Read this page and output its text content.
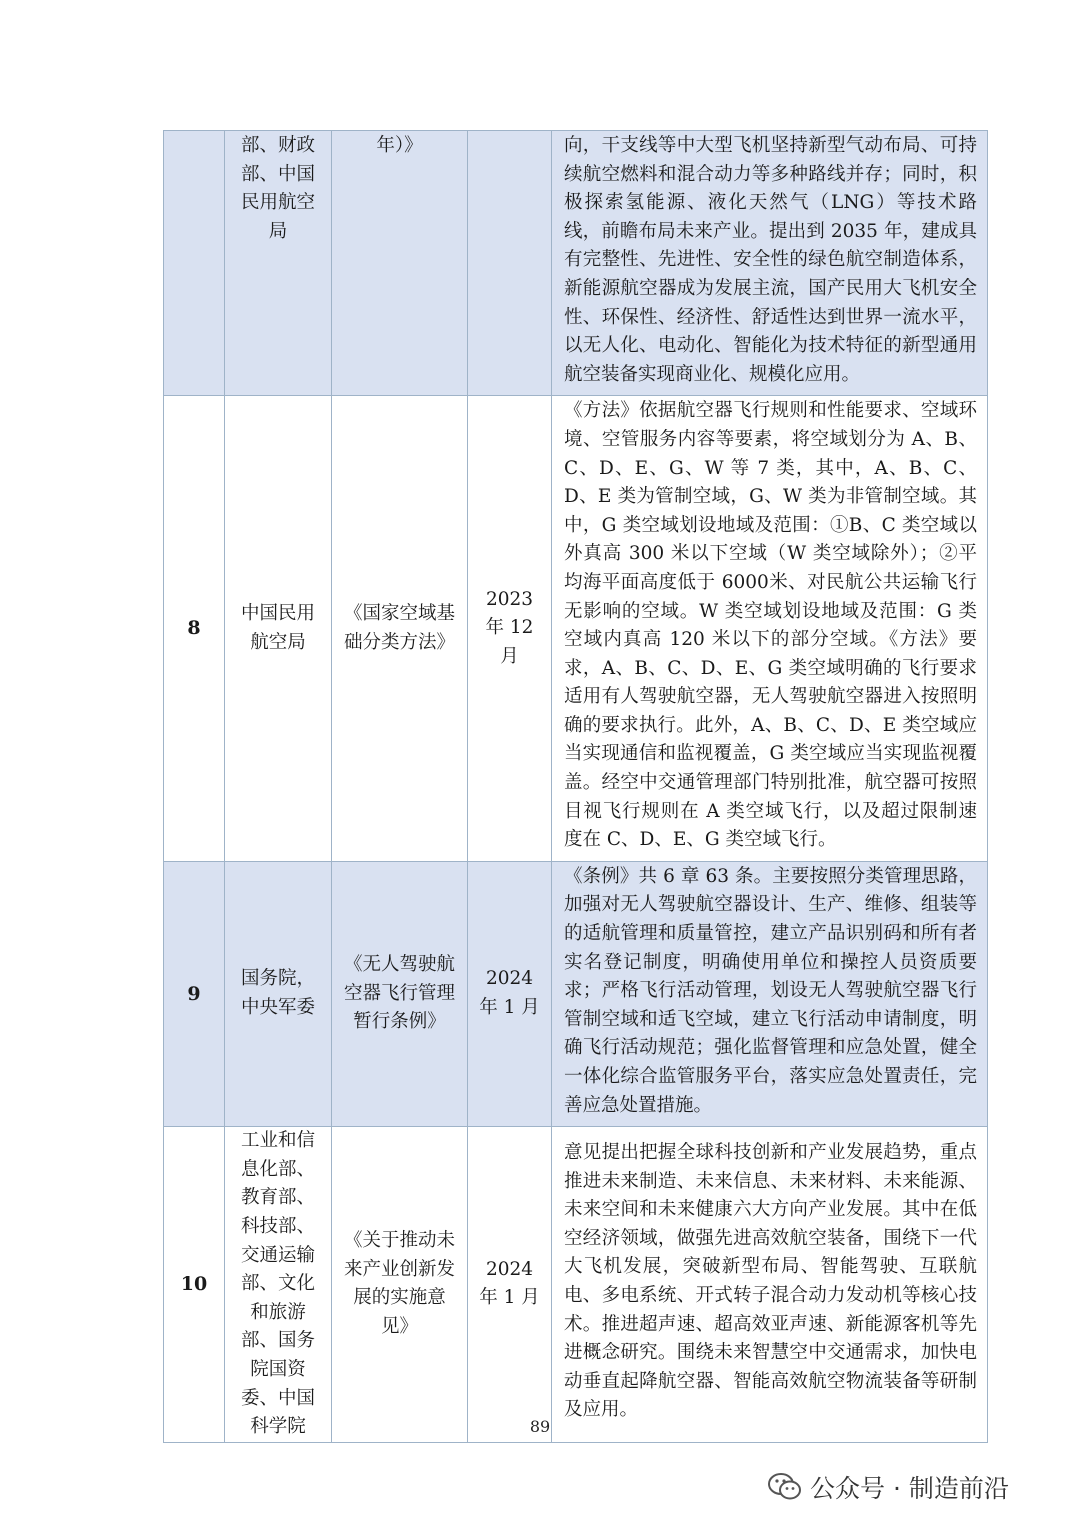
	部、财政部、中国民用航空局	年）》		向，干支线等中大型飞机坚持新型气动布局、可持续航空燃料和混合动力等多种路线并存；同时，积极探索氢能源、液化天然气（LNG）等技术路线，前瞻布局未来产业。提出到 2035 年，建成具有完整性、先进性、安全性的绿色航空制造体系，新能源航空器成为发展主流，国产民用大飞机安全性、环保性、经济性、舒适性达到世界一流水平，以无人化、电动化、智能化为技术特征的新型通用航空装备实现商业化、规模化应用。

8	中国民用航空局	《国家空域基础分类方法》	2023 年 12 月	《方法》依据航空器飞行规则和性能要求、空域环境、空管服务内容等要素，将空域划分为 A、B、C、D、E、G、W 等 7 类，其中，A、B、C、D、E 类为管制空域，G、W 类为非管制空域。其中，G 类空域划设地域及范围：①B、C 类空域以外真高 300 米以下空域（W 类空域除外）；②平均海平面高度低于 6000米、对民航公共运输飞行无影响的空域。W 类空域划设地域及范围：G 类空域内真高 120 米以下的部分空域。《方法》要求，A、B、C、D、E、G 类空域明确的飞行要求适用有人驾驶航空器，无人驾驶航空器进入按照明确的要求执行。此外，A、B、C、D、E 类空域应当实现通信和监视覆盖，G 类空域应当实现监视覆盖。经空中交通管理部门特别批准，航空器可按照目视飞行规则在 A 类空域飞行，以及超过限制速度在 C、D、E、G 类空域飞行。

9	国务院，中央军委	《无人驾驶航空器飞行管理暂行条例》	2024 年 1 月	《条例》共 6 章 63 条。主要按照分类管理思路，加强对无人驾驶航空器设计、生产、维修、组装等的适航管理和质量管控，建立产品识别码和所有者实名登记制度，明确使用单位和操控人员资质要求；严格飞行活动管理，划设无人驾驶航空器飞行管制空域和适飞空域，建立飞行活动申请制度，明确飞行活动规范；强化监督管理和应急处置，健全一体化综合监管服务平台，落实应急处置责任，完善应急处置措施。

10	工业和信息化部、教育部、科技部、交通运输部、文化和旅游部、国务院国资委、中国科学院	《关于推动未来产业创新发展的实施意见》	2024 年 1 月	意见提出把握全球科技创新和产业发展趋势，重点推进未来制造、未来信息、未来材料、未来能源、未来空间和未来健康六大方向产业发展。其中在低空经济领域，做强先进高效航空装备，围绕下一代大飞机发展，突破新型布局、智能驾驶、互联航电、多电系统、开式转子混合动力发动机等核心技术。推进超声速、超高效亚声速、新能源客机等先进概念研究。围绕未来智慧空中交通需求，加快电动垂直起降航空器、智能高效航空物流装备等研制及应用。
89
公众号 · 制造前沿
